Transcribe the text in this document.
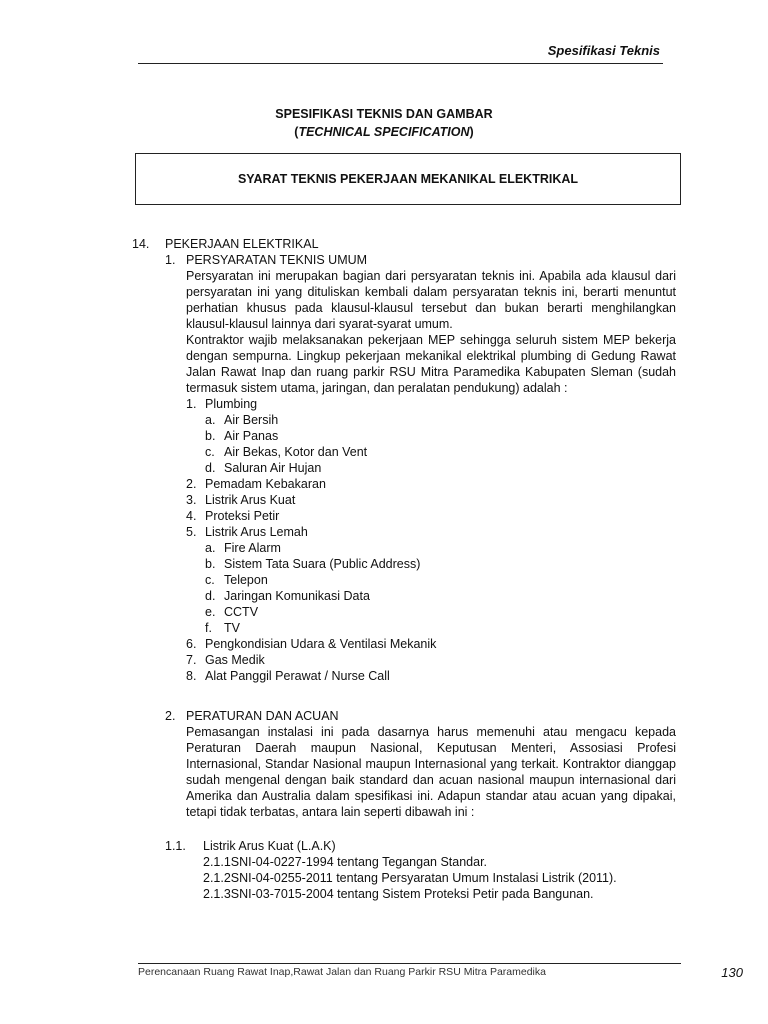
Spesifikasi Teknis
SPESIFIKASI TEKNIS DAN GAMBAR
(TECHNICAL SPECIFICATION)
SYARAT TEKNIS PEKERJAAN MEKANIKAL ELEKTRIKAL
14.	PEKERJAAN ELEKTRIKAL
1. PERSYARATAN TEKNIS UMUM
Persyaratan ini merupakan bagian dari persyaratan teknis ini. Apabila ada klausul dari persyaratan ini yang dituliskan kembali dalam persyaratan teknis ini, berarti menuntut perhatian khusus pada klausul-klausul tersebut dan bukan berarti menghilangkan klausul-klausul lainnya dari syarat-syarat umum.
Kontraktor wajib melaksanakan pekerjaan MEP sehingga seluruh sistem MEP bekerja dengan sempurna. Lingkup pekerjaan mekanikal elektrikal plumbing di Gedung Rawat Jalan Rawat Inap dan ruang parkir RSU Mitra Paramedika Kabupaten Sleman (sudah termasuk sistem utama, jaringan, dan peralatan pendukung) adalah :
1. Plumbing
a. Air Bersih
b. Air Panas
c. Air Bekas, Kotor dan Vent
d. Saluran Air Hujan
2. Pemadam Kebakaran
3. Listrik Arus Kuat
4. Proteksi Petir
5. Listrik Arus Lemah
a. Fire Alarm
b. Sistem Tata Suara (Public Address)
c. Telepon
d. Jaringan Komunikasi Data
e. CCTV
f. TV
6. Pengkondisian Udara & Ventilasi Mekanik
7. Gas Medik
8. Alat Panggil Perawat / Nurse Call
2. PERATURAN DAN ACUAN
Pemasangan instalasi ini pada dasarnya harus memenuhi atau mengacu kepada Peraturan Daerah maupun Nasional, Keputusan Menteri, Assosiasi Profesi Internasional, Standar Nasional maupun Internasional yang terkait. Kontraktor dianggap sudah mengenal dengan baik standard dan acuan nasional maupun internasional dari Amerika dan Australia dalam spesifikasi ini. Adapun standar atau acuan yang dipakai, tetapi tidak terbatas, antara lain seperti dibawah ini :
1.1.	Listrik Arus Kuat (L.A.K)
2.1.1SNI-04-0227-1994 tentang Tegangan Standar.
2.1.2SNI-04-0255-2011 tentang Persyaratan Umum Instalasi Listrik (2011).
2.1.3SNI-03-7015-2004 tentang Sistem Proteksi Petir pada Bangunan.
Perencanaan Ruang Rawat Inap,Rawat Jalan dan Ruang Parkir RSU Mitra Paramedika	130
